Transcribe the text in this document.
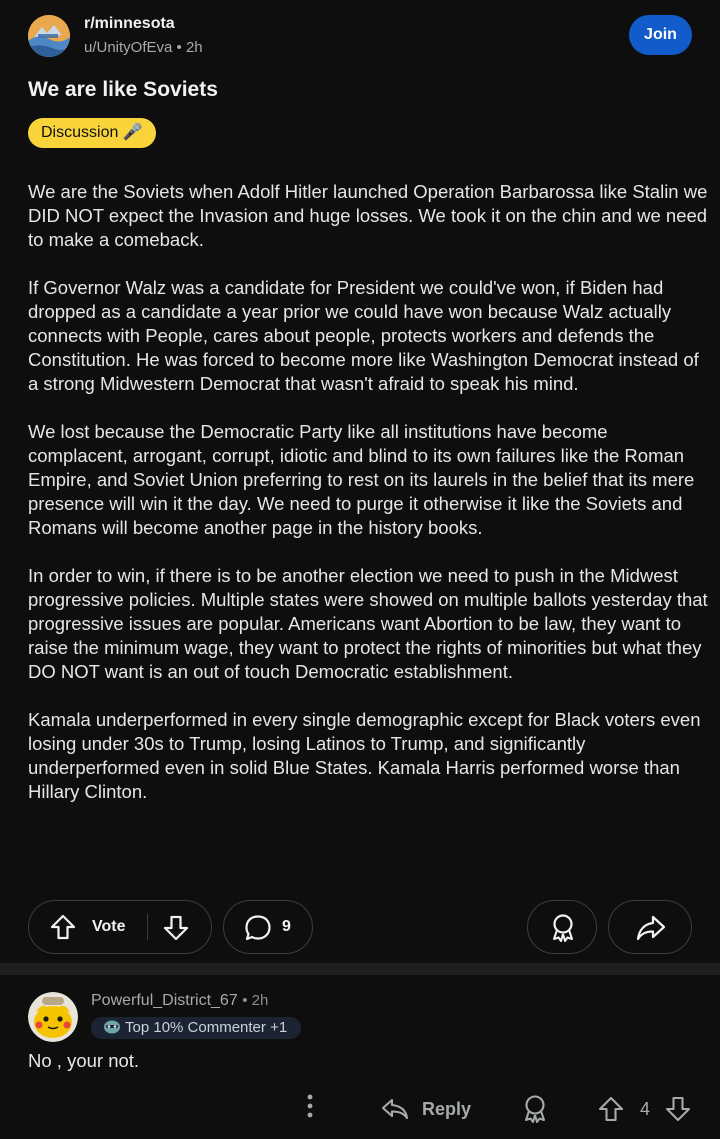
r/minnesota
u/UnityOfEva • 2h
Join
We are like Soviets
Discussion 🎤

We are the Soviets when Adolf Hitler launched Operation Barbarossa like Stalin we DID NOT expect the Invasion and huge losses. We took it on the chin and we need to make a comeback.

If Governor Walz was a candidate for President we could've won, if Biden had dropped as a candidate a year prior we could have won because Walz actually connects with People, cares about people, protects workers and defends the Constitution. He was forced to become more like Washington Democrat instead of a strong Midwestern Democrat that wasn't afraid to speak his mind.

We lost because the Democratic Party like all institutions have become complacent, arrogant, corrupt, idiotic and blind to its own failures like the Roman Empire, and Soviet Union preferring to rest on its laurels in the belief that its mere presence will win it the day. We need to purge it otherwise it like the Soviets and Romans will become another page in the history books.

In order to win, if there is to be another election we need to push in the Midwest progressive policies. Multiple states were showed on multiple ballots yesterday that progressive issues are popular. Americans want Abortion to be law, they want to raise the minimum wage, they want to protect the rights of minorities but what they DO NOT want is an out of touch Democratic establishment.

Kamala underperformed in every single demographic except for Black voters even losing under 30s to Trump, losing Latinos to Trump, and significantly underperformed even in solid Blue States. Kamala Harris performed worse than Hillary Clinton.

Vote	9
Powerful_District_67 • 2h
Top 10% Commenter +1
No , your not.
Reply	4
